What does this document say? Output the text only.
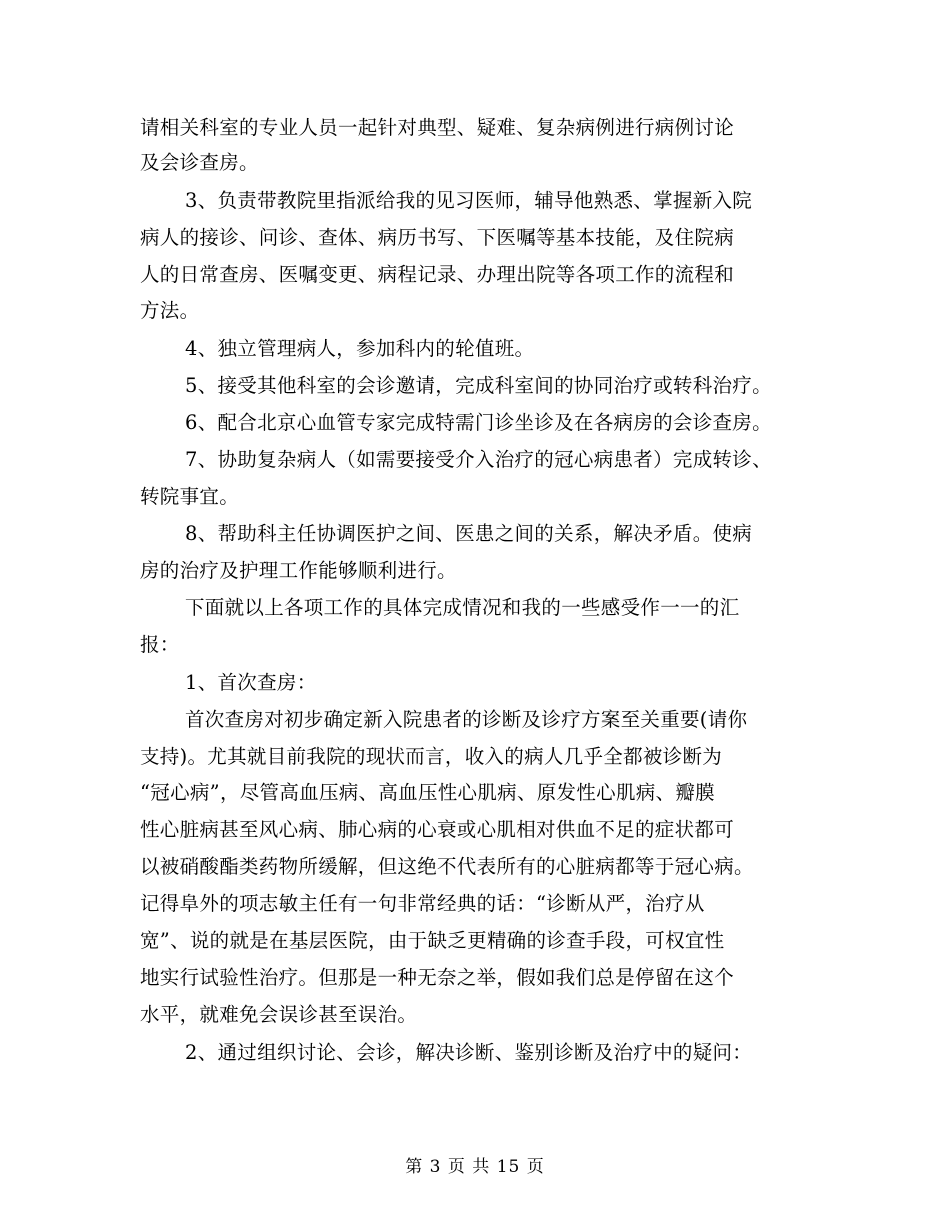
请相关科室的专业人员一起针对典型、疑难、复杂病例进行病例讨论

及会诊查房。

3、负责带教院里指派给我的见习医师，辅导他熟悉、掌握新入院

病人的接诊、问诊、查体、病历书写、下医嘱等基本技能，及住院病

人的日常查房、医嘱变更、病程记录、办理出院等各项工作的流程和

方法。

4、独立管理病人，参加科内的轮值班。

5、接受其他科室的会诊邀请，完成科室间的协同治疗或转科治疗。

6、配合北京心血管专家完成特需门诊坐诊及在各病房的会诊查房。

7、协助复杂病人（如需要接受介入治疗的冠心病患者）完成转诊、

转院事宜。

8、帮助科主任协调医护之间、医患之间的关系，解决矛盾。使病

房的治疗及护理工作能够顺利进行。

下面就以上各项工作的具体完成情况和我的一些感受作一一的汇

报：

1、首次查房：

首次查房对初步确定新入院患者的诊断及诊疗方案至关重要(请你

支持)。尤其就目前我院的现状而言，收入的病人几乎全都被诊断为

“冠心病”，尽管高血压病、高血压性心肌病、原发性心肌病、瓣膜

性心脏病甚至风心病、肺心病的心衰或心肌相对供血不足的症状都可

以被硝酸酯类药物所缓解，但这绝不代表所有的心脏病都等于冠心病。

记得阜外的项志敏主任有一句非常经典的话：“诊断从严，治疗从

宽”、说的就是在基层医院，由于缺乏更精确的诊查手段，可权宜性

地实行试验性治疗。但那是一种无奈之举，假如我们总是停留在这个

水平，就难免会误诊甚至误治。

2、通过组织讨论、会诊，解决诊断、鉴别诊断及治疗中的疑问：

第 3 页 共 15 页
